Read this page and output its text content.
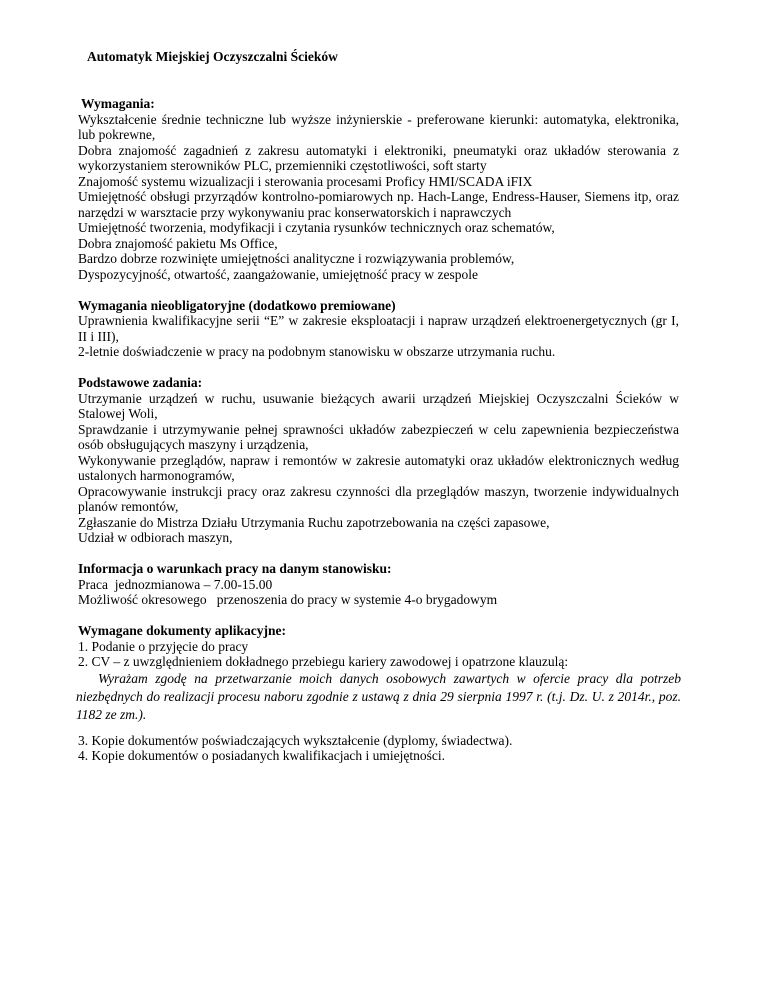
Automatyk Miejskiej Oczyszczalni Ścieków

Wymagania:

Wykształcenie średnie techniczne lub wyższe inżynierskie - preferowane kierunki: automatyka, elektronika, lub pokrewne,

Dobra znajomość zagadnień z zakresu automatyki i elektroniki, pneumatyki oraz układów sterowania z wykorzystaniem sterowników PLC, przemienniki częstotliwości, soft starty

Znajomość systemu wizualizacji i sterowania procesami Proficy HMI/SCADA iFIX

Umiejętność obsługi przyrządów kontrolno-pomiarowych np. Hach-Lange, Endress-Hauser, Siemens itp, oraz narzędzi w warsztacie przy wykonywaniu prac konserwatorskich i naprawczych

Umiejętność tworzenia, modyfikacji i czytania rysunków technicznych oraz schematów,

Dobra znajomość pakietu Ms Office,

Bardzo dobrze rozwinięte umiejętności analityczne i rozwiązywania problemów,

Dyspozycyjność, otwartość, zaangażowanie, umiejętność pracy w zespole

Wymagania nieobligatoryjne (dodatkowo premiowane)

Uprawnienia kwalifikacyjne serii “E” w zakresie eksploatacji i napraw urządzeń elektroenergetycznych (gr I, II i III),

2-letnie doświadczenie w pracy na podobnym stanowisku w obszarze utrzymania ruchu.

Podstawowe zadania:

Utrzymanie urządzeń w ruchu, usuwanie bieżących awarii urządzeń Miejskiej Oczyszczalni Ścieków w Stalowej Woli,

Sprawdzanie i utrzymywanie pełnej sprawności układów zabezpieczeń w celu zapewnienia bezpieczeństwa osób obsługujących maszyny i urządzenia,

Wykonywanie przeglądów, napraw i remontów w zakresie automatyki oraz układów elektronicznych według ustalonych harmonogramów,

Opracowywanie instrukcji pracy oraz zakresu czynności dla przeglądów maszyn, tworzenie indywidualnych planów remontów,

Zgłaszanie do Mistrza Działu Utrzymania Ruchu zapotrzebowania na części zapasowe,

Udział w odbiorach maszyn,

Informacja o warunkach pracy na danym stanowisku:

Praca  jednozmianowa – 7.00-15.00

Możliwość okresowego   przenoszenia do pracy w systemie 4-o brygadowym

Wymagane dokumenty aplikacyjne:

1. Podanie o przyjęcie do pracy

2. CV – z uwzględnieniem dokładnego przebiegu kariery zawodowej i opatrzone klauzulą:

Wyrażam zgodę na przetwarzanie moich danych osobowych zawartych w ofercie pracy dla potrzeb niezbędnych do realizacji procesu naboru zgodnie z ustawą z dnia 29 sierpnia 1997 r. (t.j. Dz. U. z 2014r., poz. 1182 ze zm.).

3. Kopie dokumentów poświadczających wykształcenie (dyplomy, świadectwa).

4. Kopie dokumentów o posiadanych kwalifikacjach i umiejętności.
